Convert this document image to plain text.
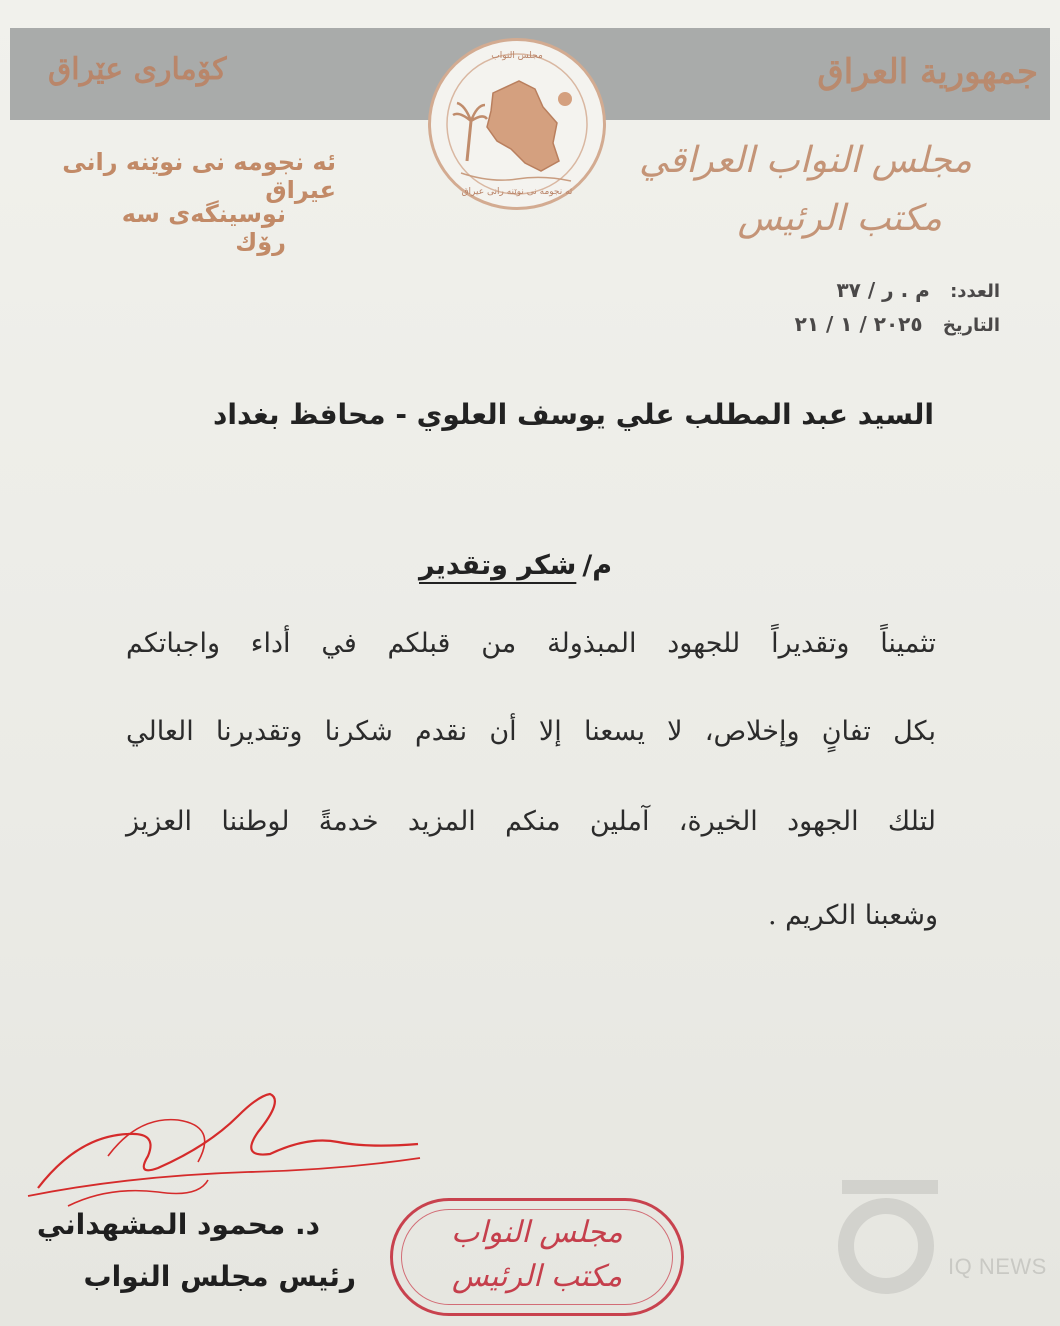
جمهورية العراق
كۆماری عێراق	مجلس النواب
ئه نجومه نی نوێنه رانی عیراق
مجلس النواب العراقي
مكتب الرئيس
ئه نجومه نی نوێنه رانی عیراق
نوسینگه‌ی سه رۆك
العدد: م . ر / ٣٧
التاريخ ٢٠٢٥ / ١ / ٢١
السيد عبد المطلب علي يوسف العلوي - محافظ بغداد
م/شكر وتقدير
تثميناً وتقديراً للجهود المبذولة من قبلكم في أداء واجباتكم
بكل تفانٍ وإخلاص، لا يسعنا إلا أن نقدم شكرنا وتقديرنا العالي
لتلك الجهود الخيرة، آملين منكم المزيد خدمةً لوطننا العزيز
وشعبنا الكريم .
د. محمود المشهداني
رئيس مجلس النواب
مجلس النواب
مكتب الرئيس	IQ NEWS
